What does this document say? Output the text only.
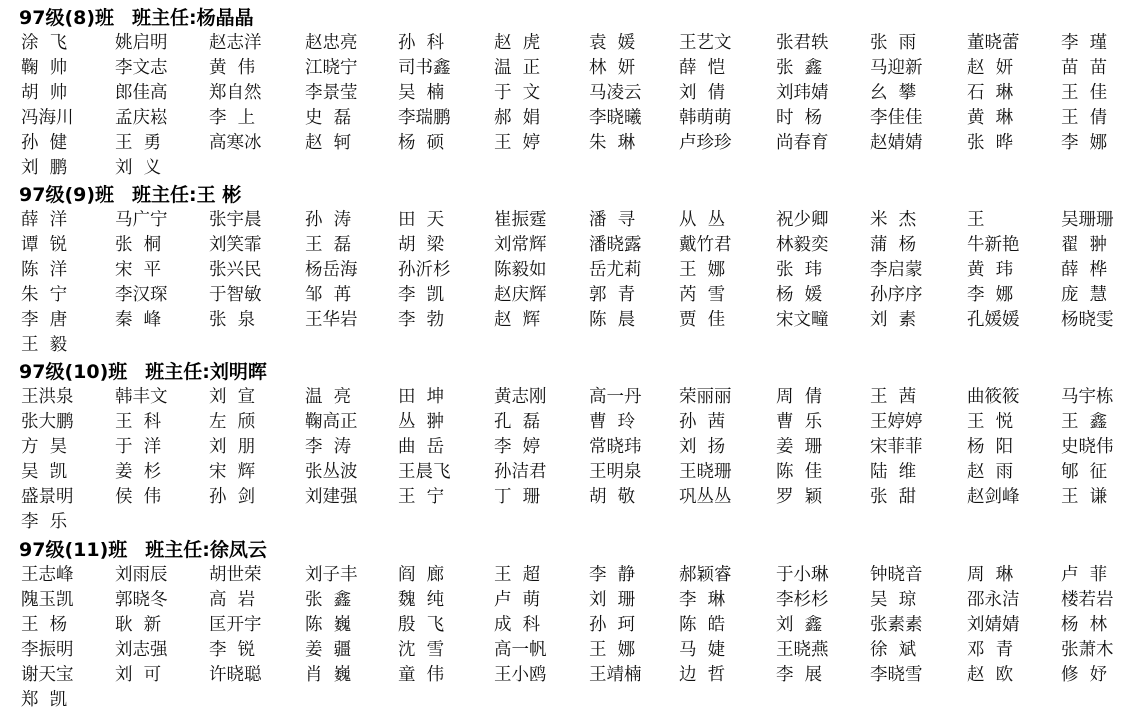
97级(8)班 班主任:杨晶晶
涂  飞	姚启明 赵志洋 赵忠亮 孙  科	赵  虎	袁  媛	王艺文	张君轶 张  雨	董晓蕾 李  瑾
鞠  帅	李文志 黄  伟	江晓宁 司书鑫 温  正	林  妍	薛  恺	张  鑫	马迎新	赵  妍	苗  苗
胡  帅	郎佳高 郑自然 李景莹 吴  楠	于  文	马凌云 刘  倩	刘玮婧 幺  攀	石  琳	王  佳
冯海川 孟庆崧 李  上	史  磊	李瑞鹏 郝  娟	李晓曦 韩萌萌	时  杨	李佳佳	黄  琳	王  倩
孙  健	王  勇	高寒冰 赵  轲	杨  硕	王  婷	朱  琳	卢珍珍	尚春育 赵婧婧	张  晔	李  娜
刘  鹏	刘  义
97级(9)班 班主任:王 彬
薛  洋	马广宁 张宇晨 孙  涛	田  天	崔振霆 潘  寻	从  丛	祝少卿 米  杰	王	吴珊珊
谭  锐	张  桐	刘笑霏 王  磊	胡  梁	刘常辉 潘晓露 戴竹君	林毅奕 蒲  杨	牛新艳 翟  翀
陈  洋	宋  平	张兴民 杨岳海 孙沂杉 陈毅如 岳尤莉 王  娜	张  玮	李启蒙	黄  玮	薛  桦
朱  宁	李汉琛 于智敏 邹  苒	李  凯	赵庆辉 郭  青	芮  雪	杨  媛	孙序序	李  娜	庞  慧
李  唐	秦  峰	张  泉	王华岩 李  勃	赵  辉	陈  晨	贾  佳	宋文疃 刘  素	孔媛媛 杨晓雯
王  毅
97级(10)班 班主任:刘明晖
王洪泉 韩丰文 刘  宣	温  亮	田  坤	黄志刚 高一丹 荣丽丽	周  倩	王  茜	曲筱筱 马宇栋
张大鹏 王  科	左  颀	鞠高正 丛  翀	孔  磊	曹  玲	孙  茜	曹  乐	王婷婷	王  悦	王  鑫
方  昊	于  洋	刘  朋	李  涛	曲  岳	李  婷	常晓玮 刘  扬	姜  珊	宋菲菲	杨  阳	史晓伟
吴  凯	姜  杉	宋  辉	张丛波 王晨飞 孙洁君 王明泉 王晓珊	陈  佳	陆  维	赵  雨	郇  征
盛景明 侯  伟	孙  剑	刘建强 王  宁	丁  珊	胡  敬	巩丛丛	罗  颖	张  甜	赵剑峰 王  谦
李  乐
97级(11)班 班主任:徐凤云
王志峰 刘雨辰 胡世荣 刘子丰 阎  廊	王  超	李  静	郝颖睿	于小琳 钟晓音	周  琳	卢  菲
隗玉凯 郭晓冬 高  岩	张  鑫	魏  纯	卢  萌	刘  珊	李  琳	李杉杉 吴  琼	邵永洁 楼若岩
王  杨	耿  新	匡开宇 陈  巍	殷  飞	成  科	孙  珂	陈  皓	刘  鑫	张素素	刘婧婧 杨  林
李振明 刘志强 李  锐	姜  疆	沈  雪	高一帆 王  娜	马  婕	王晓燕 徐  斌	邓  青	张萧木
谢天宝 刘  可	许晓聪 肖  巍	童  伟	王小鸥 王靖楠 边  哲	李  展	李晓雪	赵  欧	修  妤
郑  凯
